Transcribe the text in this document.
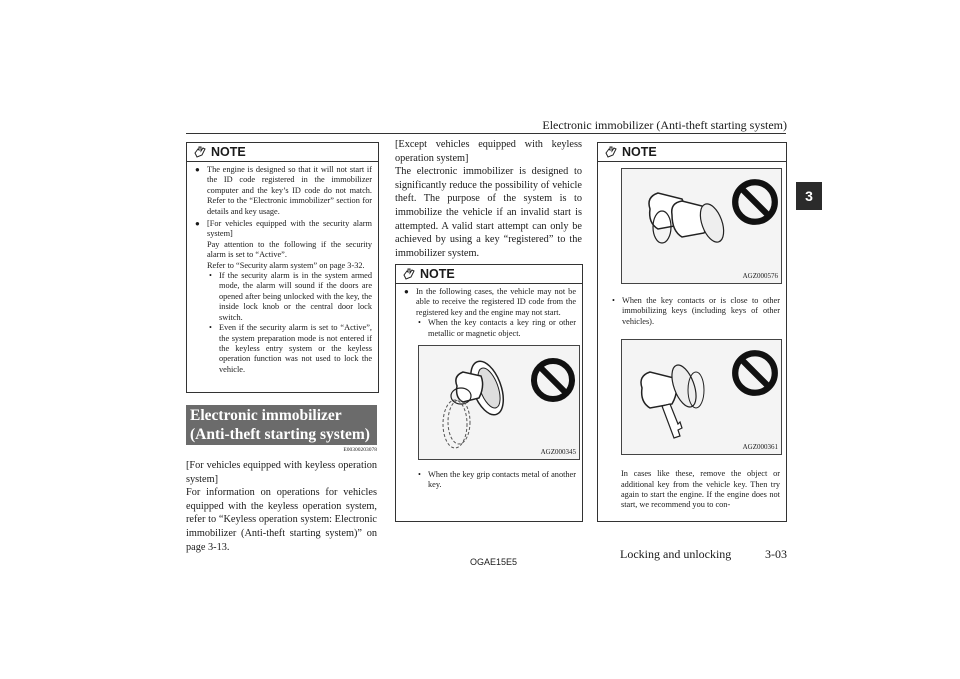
Electronic immobilizer (Anti-theft starting system)
3
NOTE
● The engine is designed so that it will not start if the ID code registered in the immobilizer computer and the key’s ID code do not match. Refer to the “Electronic immobilizer” section for details and key usage.
● [For vehicles equipped with the security alarm system]
Pay attention to the following if the security alarm is set to “Active”.
Refer to “Security alarm system” on page 3-32.
• If the security alarm is in the system armed mode, the alarm will sound if the doors are opened after being unlocked with the key, the inside lock knob or the central door lock switch.
• Even if the security alarm is set to “Active”, the system preparation mode is not entered if the keyless entry system or the keyless operation function was not used to lock the vehicle.
Electronic immobilizer (Anti-theft starting system)
E00300203078
[For vehicles equipped with keyless operation system]
For information on operations for vehicles equipped with the keyless operation system, refer to “Keyless operation system: Electronic immobilizer (Anti-theft starting system)” on page 3-13.
[Except vehicles equipped with keyless operation system]
The electronic immobilizer is designed to significantly reduce the possibility of vehicle theft. The purpose of the system is to immobilize the vehicle if an invalid start is attempted. A valid start attempt can only be achieved by using a key “registered” to the immobilizer system.
NOTE
● In the following cases, the vehicle may not be able to receive the registered ID code from the registered key and the engine may not start.
• When the key contacts a key ring or other metallic or magnetic object.
AGZ000345
• When the key grip contacts metal of another key.
NOTE
AGZ000576
• When the key contacts or is close to other immobilizing keys (including keys of other vehicles).
AGZ000361
In cases like these, remove the object or additional key from the vehicle key. Then try again to start the engine. If the engine does not start, we recommend you to con-
OGAE15E5
Locking and unlocking	3-03
